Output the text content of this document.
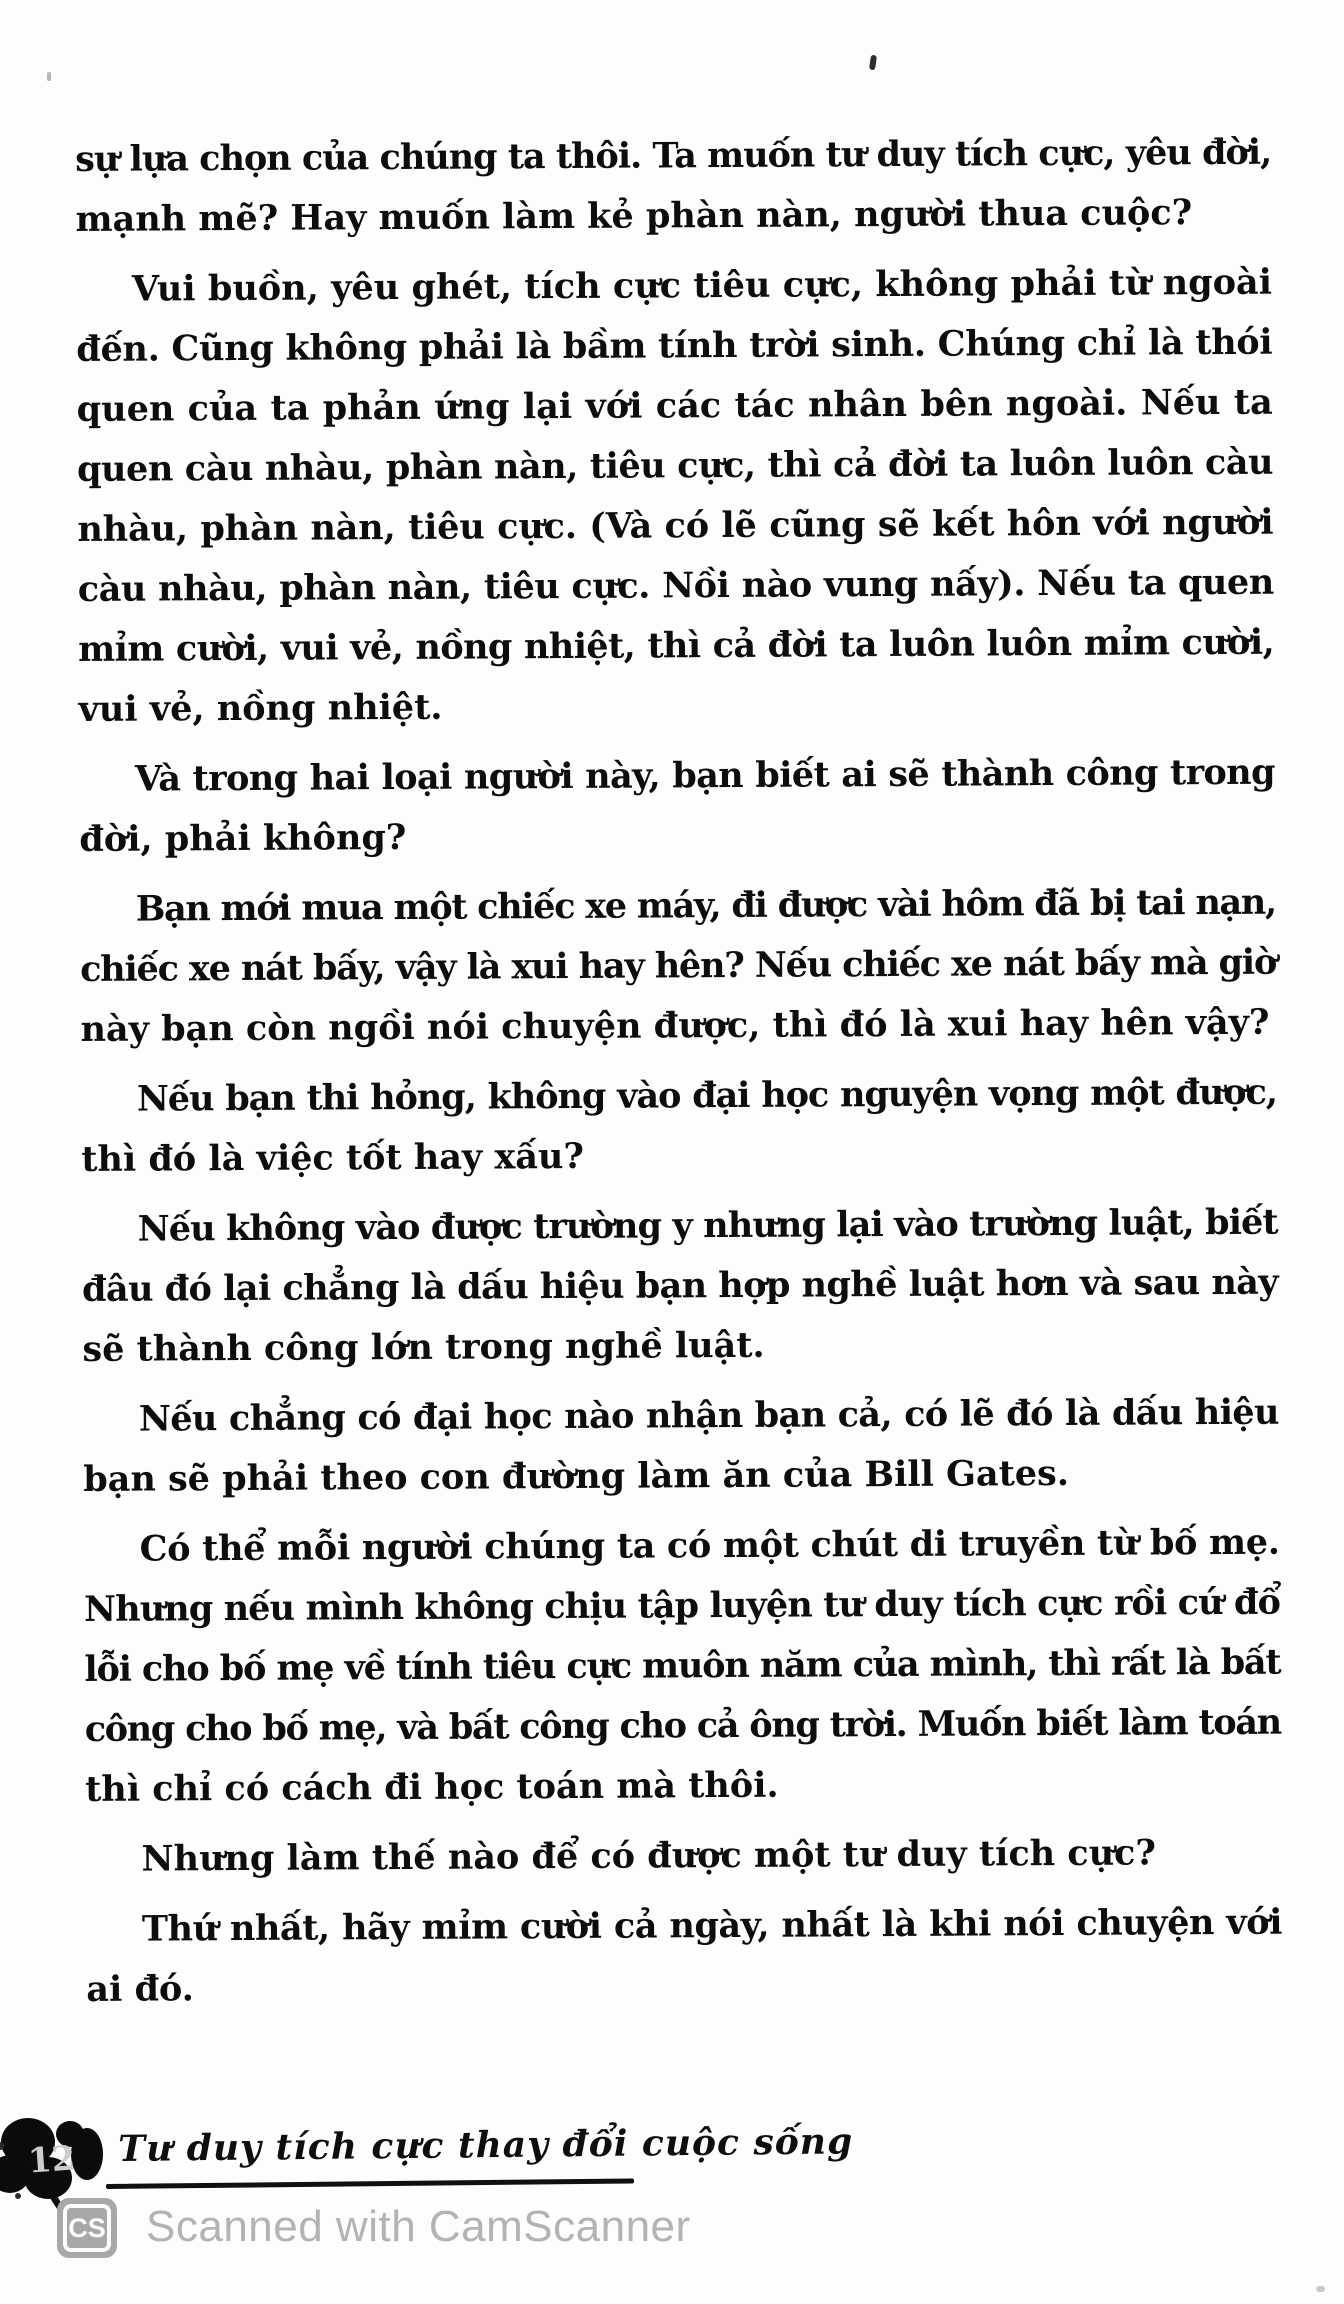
sự lựa chọn của chúng ta thôi. Ta muốn tư duy tích cực, yêu đời,
mạnh mẽ? Hay muốn làm kẻ phàn nàn, người thua cuộc?
Vui buồn, yêu ghét, tích cực tiêu cực, không phải từ ngoài
đến. Cũng không phải là bầm tính trời sinh. Chúng chỉ là thói
quen của ta phản ứng lại với các tác nhân bên ngoài. Nếu ta
quen càu nhàu, phàn nàn, tiêu cực, thì cả đời ta luôn luôn càu
nhàu, phàn nàn, tiêu cực. (Và có lẽ cũng sẽ kết hôn với người
càu nhàu, phàn nàn, tiêu cực. Nồi nào vung nấy). Nếu ta quen
mỉm cười, vui vẻ, nồng nhiệt, thì cả đời ta luôn luôn mỉm cười,
vui vẻ, nồng nhiệt.
Và trong hai loại người này, bạn biết ai sẽ thành công trong
đời, phải không?
Bạn mới mua một chiếc xe máy, đi được vài hôm đã bị tai nạn,
chiếc xe nát bấy, vậy là xui hay hên? Nếu chiếc xe nát bấy mà giờ
này bạn còn ngồi nói chuyện được, thì đó là xui hay hên vậy?
Nếu bạn thi hỏng, không vào đại học nguyện vọng một được,
thì đó là việc tốt hay xấu?
Nếu không vào được trường y nhưng lại vào trường luật, biết
đâu đó lại chẳng là dấu hiệu bạn hợp nghề luật hơn và sau này
sẽ thành công lớn trong nghề luật.
Nếu chẳng có đại học nào nhận bạn cả, có lẽ đó là dấu hiệu
bạn sẽ phải theo con đường làm ăn của Bill Gates.
Có thể mỗi người chúng ta có một chút di truyền từ bố mẹ.
Nhưng nếu mình không chịu tập luyện tư duy tích cực rồi cứ đổ
lỗi cho bố mẹ về tính tiêu cực muôn năm của mình, thì rất là bất
công cho bố mẹ, và bất công cho cả ông trời. Muốn biết làm toán
thì chỉ có cách đi học toán mà thôi.
Nhưng làm thế nào để có được một tư duy tích cực?
Thứ nhất, hãy mỉm cười cả ngày, nhất là khi nói chuyện với
ai đó.
12 Tư duy tích cực thay đổi cuộc sống
CS Scanned with CamScanner
